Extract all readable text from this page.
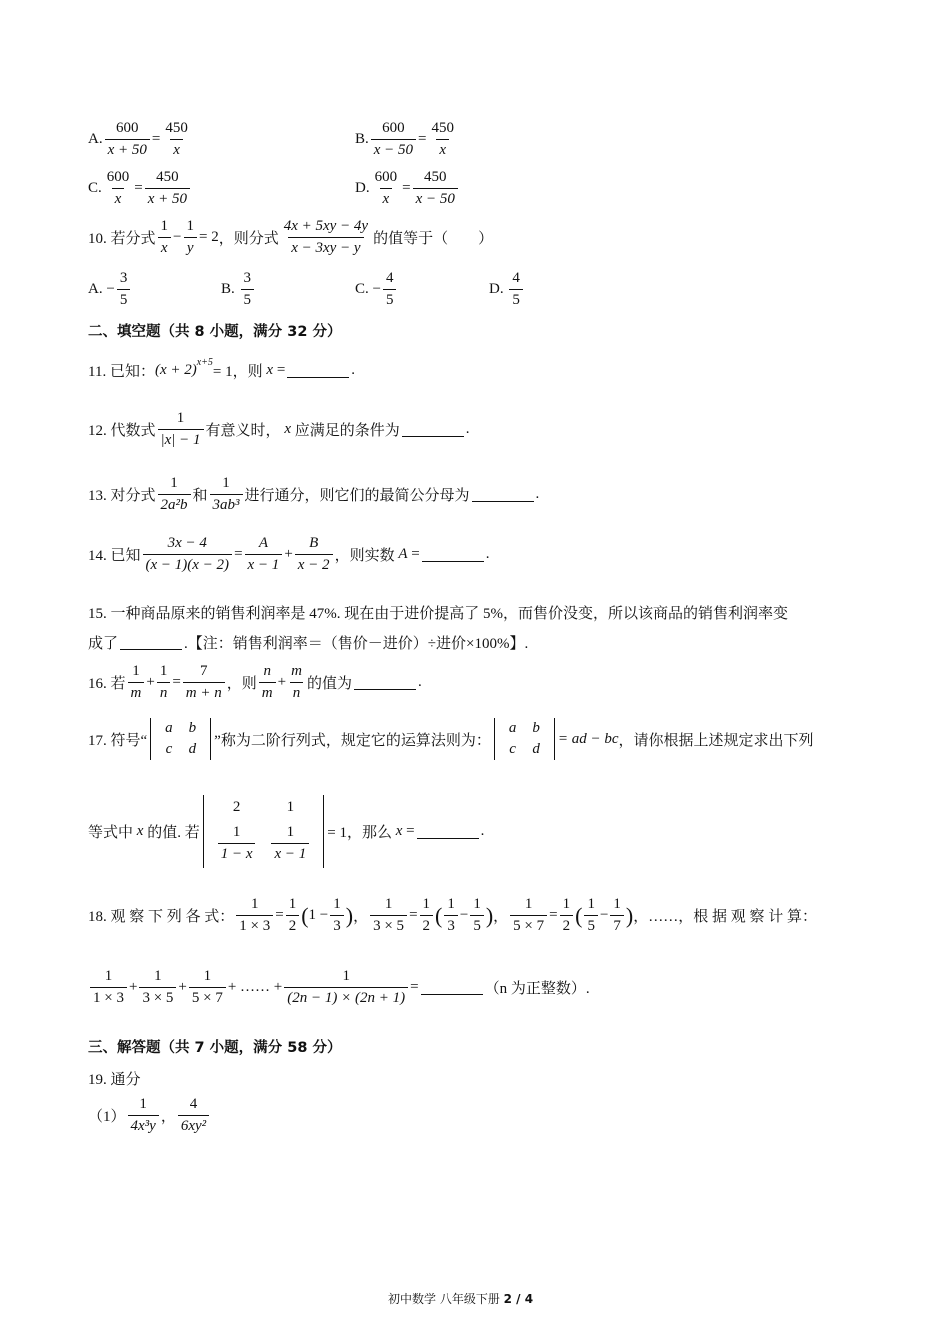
A. $\frac{600}{x + 50} = \frac{450}{x}$	B. $\frac{600}{x - 50} = \frac{450}{x}$
C. $\frac{600}{x} = \frac{450}{x + 50}$	D. $\frac{600}{x} = \frac{450}{x - 50}$
10. 若分式 $\frac{1}{x} - \frac{1}{y} = 2$ ，则分式 $\frac{4x + 5xy - 4y}{x - 3xy - y}$ 的值等于（　　）
A.
− $\frac{3}{5}$	B.
$\frac{3}{5}$	C.
− $\frac{4}{5}$	D.
$\frac{4}{5}$
二、填空题（共 8 小题，满分 32 分）
11. 已知： $(x + 2)^{x+5}$
= 1，则
x
=	.
12. 代数式 $\frac{1}{|x| - 1}$ 有意义时，
x
应满足的条件为	.
13. 对分式 $\frac{1}{\text{2a²b}}$ 和 $\frac{1}{\text{3ab³}}$ 进行通分，则它们的最简公分母为	.
14. 已知 $\frac{3x - 4}{(x - 1)(x - 2)} = \frac{A}{x - 1} + \frac{B}{x - 2}$ ，则实数
A =	.
15. 一种商品原来的销售利润率是 47%. 现在由于进价提高了 5%，而售价没变，所以该商品的销售利润率变
成了	.【注：销售利润率＝（售价－进价）÷进价×100%】.
16. 若 $\frac{1}{m} + \frac{1}{n} = \frac{7}{m + n}$ ，则 $\frac{n}{m} + \frac{m}{n}$ 的值为	.
17. 符号“
a	b
c	d
”称为二阶行列式，规定它的运算法则为：
a	b
c	d
= ad − bc ，请你根据上述规定求出下列
等式中
x
的值. 若
2	1

$\frac{1}{1 - x}$	$\frac{1}{x - 1} = 1$，那么
x =	.
18. 观 察 下 列 各 式： $\frac{1}{1 \times 3} = \frac{1}{2}$ ( $1 - \frac{1}{3}$ ) ， $\frac{1}{3 \times 5} = \frac{1}{2}$ ( $\frac{1}{3} - \frac{1}{5}$ ) ， $\frac{1}{5 \times 7} = \frac{1}{2}$ ( $\frac{1}{5} - \frac{1}{7}$ ) ，……，根 据 观 察 计 算：
$\frac{1}{1 \times 3} + \frac{1}{3 \times 5} + \frac{1}{5 \times 7}$ + …… + $\frac{1}{(2n - 1) \times (2n + 1)}$ =	（n 为正整数）.
三、解答题（共 7 小题，满分 58 分）
19. 通分
$(1) \frac{1}{\text{4x³y}}$ ， $\frac{4}{\text{6xy²}}$
初中数学 八年级下册 2 / 4
